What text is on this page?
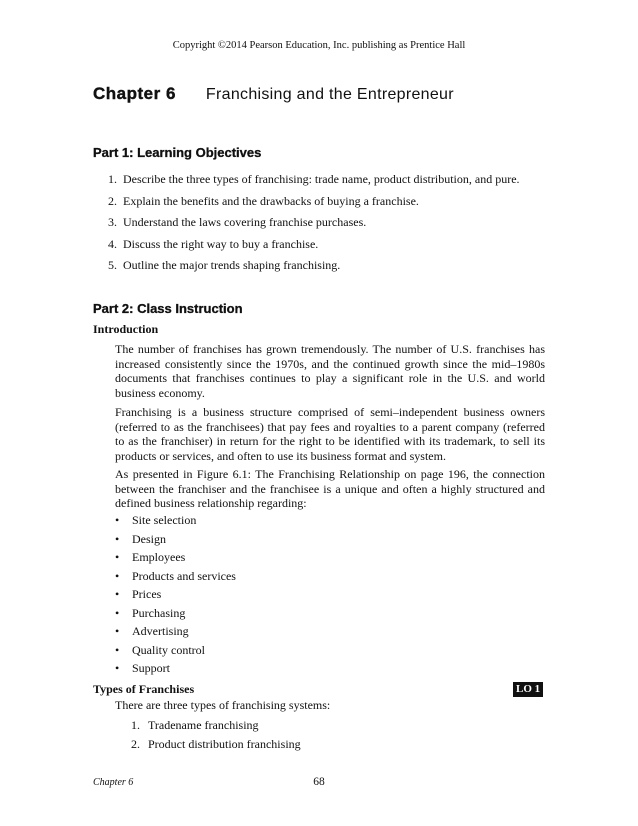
Copyright ©2014 Pearson Education, Inc. publishing as Prentice Hall
Chapter 6 Franchising and the Entrepreneur
Part 1: Learning Objectives
1. Describe the three types of franchising: trade name, product distribution, and pure.
2. Explain the benefits and the drawbacks of buying a franchise.
3. Understand the laws covering franchise purchases.
4. Discuss the right way to buy a franchise.
5. Outline the major trends shaping franchising.
Part 2: Class Instruction
Introduction

The number of franchises has grown tremendously. The number of U.S. franchises has increased consistently since the 1970s, and the continued growth since the mid–1980s documents that franchises continues to play a significant role in the U.S. and world business economy.

Franchising is a business structure comprised of semi–independent business owners (referred to as the franchisees) that pay fees and royalties to a parent company (referred to as the franchiser) in return for the right to be identified with its trademark, to sell its products or services, and often to use its business format and system.

As presented in Figure 6.1: The Franchising Relationship on page 196, the connection between the franchiser and the franchisee is a unique and often a highly structured and defined business relationship regarding:

• Site selection
• Design
• Employees
• Products and services
• Prices
• Purchasing
• Advertising
• Quality control
• Support
Types of Franchises	LO 1
There are three types of franchising systems:
1. Tradename franchising
2. Product distribution franchising
Chapter 6	68
